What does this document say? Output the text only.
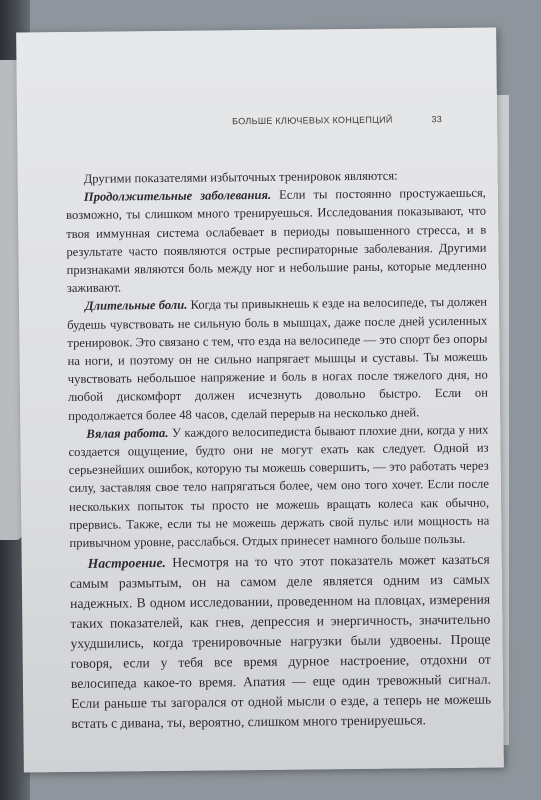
БОЛЬШЕ КЛЮЧЕВЫХ КОНЦЕПЦИЙ	33

Другими показателями избыточных тренировок являются:

Продолжительные заболевания. Если ты постоянно простужаешься, возможно, ты слишком много тренируешься. Исследования показывают, что твоя иммунная система ослабевает в периоды повышенного стресса, и в результате часто появляются острые респираторные заболевания. Другими признаками являются боль между ног и небольшие раны, которые медленно заживают.

Длительные боли. Когда ты привыкнешь к езде на велосипеде, ты должен будешь чувствовать не сильную боль в мышцах, даже после дней усиленных тренировок. Это связано с тем, что езда на велосипеде — это спорт без опоры на ноги, и поэтому он не сильно напрягает мышцы и суставы. Ты можешь чувствовать небольшое напряжение и боль в ногах после тяжелого дня, но любой дискомфорт должен исчезнуть довольно быстро. Если он продолжается более 48 часов, сделай перерыв на несколько дней.

Вялая работа. У каждого велосипедиста бывают плохие дни, когда у них создается ощущение, будто они не могут ехать как следует. Одной из серьезнейших ошибок, которую ты можешь совершить, — это работать через силу, заставляя свое тело напрягаться более, чем оно того хочет. Если после нескольких попыток ты просто не можешь вращать колеса как обычно, прервись. Также, если ты не можешь держать свой пульс или мощность на привычном уровне, расслабься. Отдых принесет намного больше пользы.

Настроение. Несмотря на то что этот показатель может казаться самым размытым, он на самом деле является одним из самых надежных. В одном исследовании, проведенном на пловцах, измерения таких показателей, как гнев, депрессия и энергичность, значительно ухудшились, когда тренировочные нагрузки были удвоены. Проще говоря, если у тебя все время дурное настроение, отдохни от велосипеда какое-то время. Апатия — еще один тревожный сигнал. Если раньше ты загорался от одной мысли о езде, а теперь не можешь встать с дивана, ты, вероятно, слишком много тренируешься.
